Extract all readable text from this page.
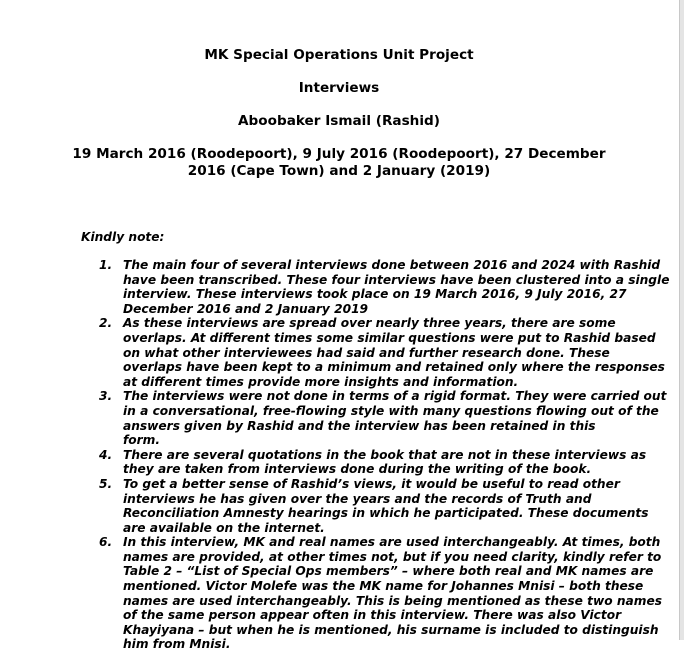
MK Special Operations Unit Project

Interviews

Aboobaker Ismail (Rashid)

19 March 2016 (Roodepoort), 9 July 2016 (Roodepoort), 27 December
2016 (Cape Town) and 2 January (2019)

Kindly note:

1. The main four of several interviews done between 2016 and 2024 with Rashid
have been transcribed. These four interviews have been clustered into a single
interview. These interviews took place on 19 March 2016, 9 July 2016, 27
December 2016 and 2 January 2019
2. As these interviews are spread over nearly three years, there are some
overlaps. At different times some similar questions were put to Rashid based
on what other interviewees had said and further research done. These
overlaps have been kept to a minimum and retained only where the responses
at different times provide more insights and information.
3. The interviews were not done in terms of a rigid format. They were carried out
in a conversational, free-flowing style with many questions flowing out of the
answers given by Rashid and the interview has been retained in this
form.
4. There are several quotations in the book that are not in these interviews as
they are taken from interviews done during the writing of the book.
5. To get a better sense of Rashid’s views, it would be useful to read other
interviews he has given over the years and the records of Truth and
Reconciliation Amnesty hearings in which he participated. These documents
are available on the internet.
6. In this interview, MK and real names are used interchangeably. At times, both
names are provided, at other times not, but if you need clarity, kindly refer to
Table 2 – “List of Special Ops members” – where both real and MK names are
mentioned. Victor Molefe was the MK name for Johannes Mnisi – both these
names are used interchangeably. This is being mentioned as these two names
of the same person appear often in this interview. There was also Victor
Khayiyana – but when he is mentioned, his surname is included to distinguish
him from Mnisi.
